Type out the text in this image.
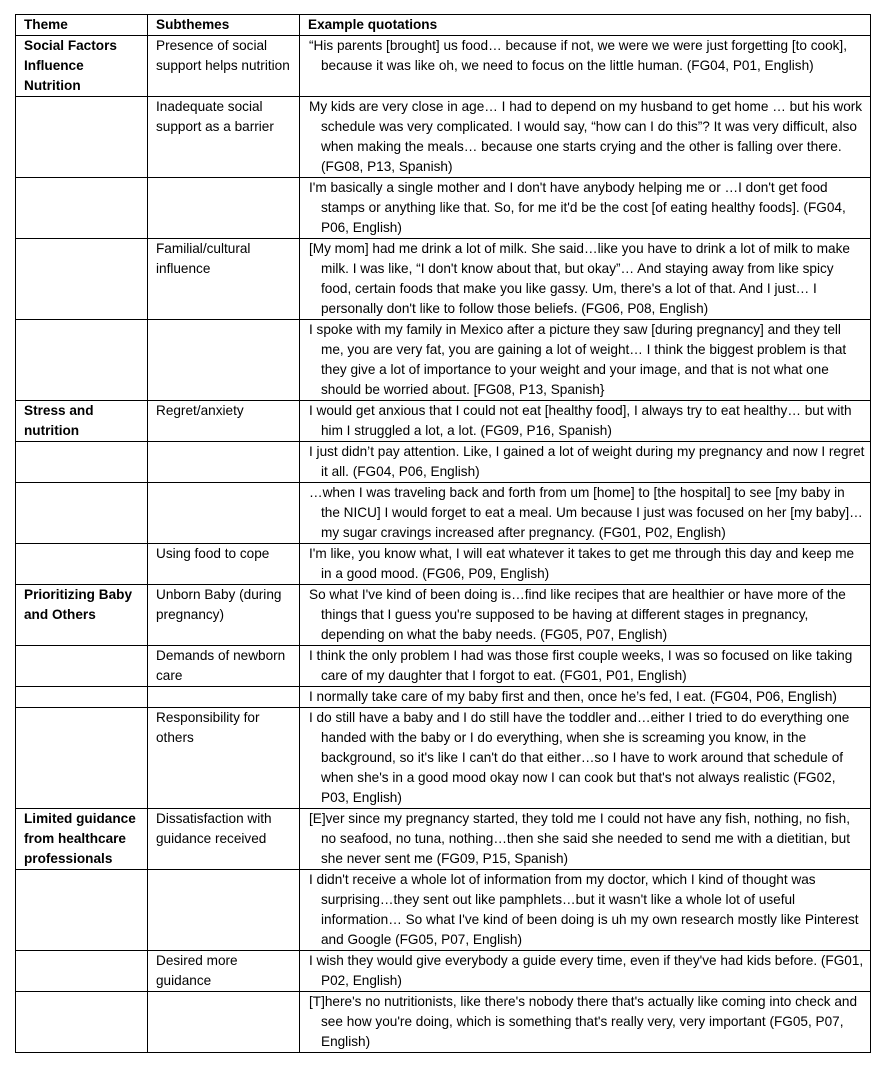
Theme	Subthemes	Example quotations
Social Factors Influence Nutrition	Presence of social support helps nutrition	“His parents [brought] us food… because if not, we were we were just forgetting [to cook], because it was like oh, we need to focus on the little human. (FG04, P01, English)

	Inadequate social support as a barrier	My kids are very close in age… I had to depend on my husband to get home … but his work schedule was very complicated. I would say, “how can I do this”? It was very difficult, also when making the meals… because one starts crying and the other is falling over there. (FG08, P13, Spanish)

		I'm basically a single mother and I don't have anybody helping me or …I don't get food stamps or anything like that. So, for me it'd be the cost [of eating healthy foods]. (FG04, P06, English)

	Familial/cultural influence	[My mom] had me drink a lot of milk. She said…like you have to drink a lot of milk to make milk. I was like, “I don't know about that, but okay”… And staying away from like spicy food, certain foods that make you like gassy. Um, there's a lot of that. And I just… I personally don't like to follow those beliefs. (FG06, P08, English)

		I spoke with my family in Mexico after a picture they saw [during pregnancy] and they tell me, you are very fat, you are gaining a lot of weight… I think the biggest problem is that they give a lot of importance to your weight and your image, and that is not what one should be worried about. [FG08, P13, Spanish}

Stress and nutrition	Regret/anxiety	I would get anxious that I could not eat [healthy food], I always try to eat healthy… but with him I struggled a lot, a lot. (FG09, P16, Spanish)

		I just didn’t pay attention. Like, I gained a lot of weight during my pregnancy and now I regret it all. (FG04, P06, English)

		…when I was traveling back and forth from um [home] to [the hospital] to see [my baby in the NICU] I would forget to eat a meal. Um because I just was focused on her [my baby]…my sugar cravings increased after pregnancy. (FG01, P02, English)

	Using food to cope	I'm like, you know what, I will eat whatever it takes to get me through this day and keep me in a good mood. (FG06, P09, English)

Prioritizing Baby and Others	Unborn Baby (during pregnancy)	So what I've kind of been doing is…find like recipes that are healthier or have more of the things that I guess you're supposed to be having at different stages in pregnancy, depending on what the baby needs. (FG05, P07, English)

	Demands of newborn care	I think the only problem I had was those first couple weeks, I was so focused on like taking care of my daughter that I forgot to eat. (FG01, P01, English)

		I normally take care of my baby first and then, once he’s fed, I eat. (FG04, P06, English)

	Responsibility for others	I do still have a baby and I do still have the toddler and…either I tried to do everything one handed with the baby or I do everything, when she is screaming you know, in the background, so it's like I can't do that either…so I have to work around that schedule of when she's in a good mood okay now I can cook but that's not always realistic (FG02, P03, English)

Limited guidance from healthcare professionals	Dissatisfaction with guidance received	[E]ver since my pregnancy started, they told me I could not have any fish, nothing, no fish, no seafood, no tuna, nothing…then she said she needed to send me with a dietitian, but she never sent me (FG09, P15, Spanish)

		I didn't receive a whole lot of information from my doctor, which I kind of thought was surprising…they sent out like pamphlets…but it wasn't like a whole lot of useful information… So what I've kind of been doing is uh my own research mostly like Pinterest and Google (FG05, P07, English)

	Desired more guidance	I wish they would give everybody a guide every time, even if they've had kids before. (FG01, P02, English)

		[T]here's no nutritionists, like there's nobody there that's actually like coming into check and see how you're doing, which is something that's really very, very important (FG05, P07, English)
